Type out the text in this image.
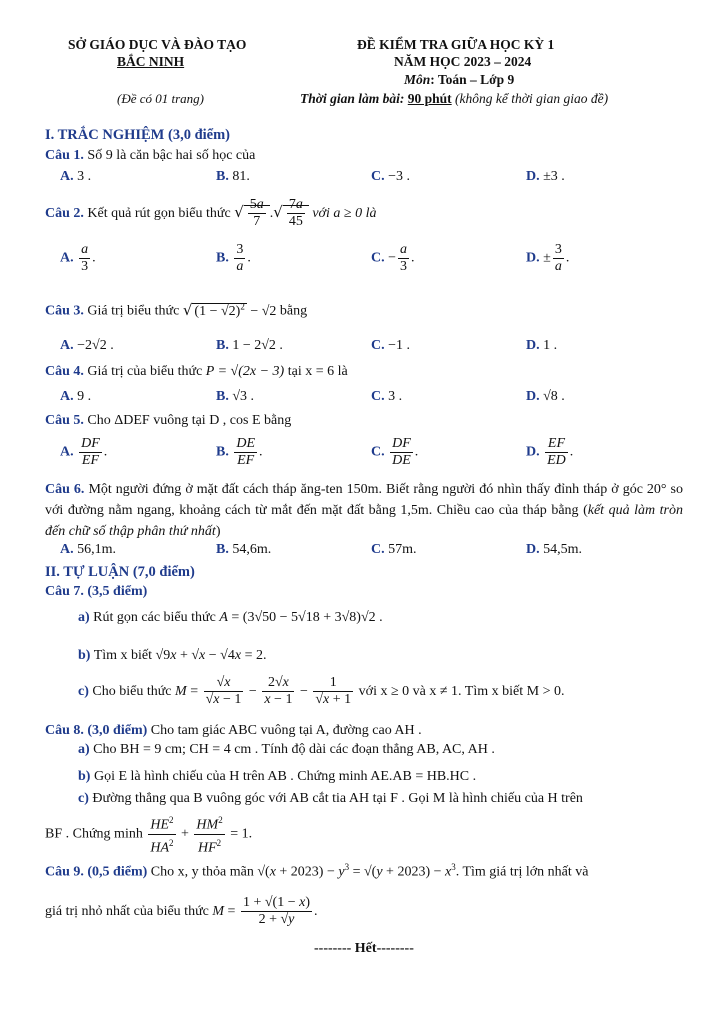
SỞ GIÁO DỤC VÀ ĐÀO TẠO
BẮC NINH
(Đề có 01 trang)
ĐỀ KIỂM TRA GIỮA HỌC KỲ 1
NĂM HỌC 2023 – 2024
Môn: Toán – Lớp 9
Thời gian làm bài: 90 phút (không kể thời gian giao đề)
I. TRẮC NGHIỆM (3,0 điểm)
Câu 1. Số 9 là căn bậc hai số học của
A. 3 .	B. 81.	C. −3 .	D. ±3 .
Câu 2. Kết quả rút gọn biểu thức √ $\frac{5a}{7}$ .√ $\frac{7a}{45}$ với a ≥ 0 là
A. $\frac{a}{3}$ .	B. $\frac{3}{a}$ .	C. − $\frac{a}{3}$ .	D. ± $\frac{3}{a}$ .
Câu 3. Giá trị biểu thức √ $(1 - √2)^2 - √2$ bằng
A. −2√2 .	B. 1 − 2√2 .	C. −1 .	D. 1 .
Câu 4. Giá trị của biểu thức P = √(2x − 3) tại x = 6 là
A. 9 .	B. √3 .	C. 3 .	D. √8 .
Câu 5. Cho ΔDEF vuông tại D , cos E bằng
A. $\frac{DF}{EF}$ .	B. $\frac{DE}{EF}$ .	C. $\frac{DF}{DE}$ .	D. $\frac{EF}{ED}$ .
Câu 6. Một người đứng ở mặt đất cách tháp ăng-ten 150m. Biết rằng người đó nhìn thấy đỉnh tháp ở góc 20° so với đường nằm ngang, khoảng cách từ mắt đến mặt đất bằng 1,5m. Chiều cao của tháp bằng (kết quả làm tròn đến chữ số thập phân thứ nhất)
A. 56,1m.	B. 54,6m.	C. 57m.	D. 54,5m.
II. TỰ LUẬN (7,0 điểm)
Câu 7. (3,5 điểm)
a) Rút gọn các biểu thức A = (3√50 − 5√18 + 3√8)√2 .
b) Tìm x biết √9x + √x − √4x = 2.
c) Cho biểu thức $M = \frac{√x}{√x - 1} - \frac{2√x}{x - 1} - \frac{1}{√x + 1}$ với x ≥ 0 và x ≠ 1. Tìm x biết M > 0.
Câu 8. (3,0 điểm) Cho tam giác ABC vuông tại A, đường cao AH .
a) Cho BH = 9 cm; CH = 4 cm . Tính độ dài các đoạn thẳng AB, AC, AH .
b) Gọi E là hình chiếu của H trên AB . Chứng minh AE.AB = HB.HC .
c) Đường thẳng qua B vuông góc với AB cắt tia AH tại F . Gọi M là hình chiếu của H trên
BF . Chứng minh $\frac{HE^2}{HA^2} + \frac{HM^2}{HF^2} = 1$.
Câu 9. (0,5 điểm) Cho x, y thỏa mãn $√(x + 2023) - y^3 = √(y + 2023) - x^3$. Tìm giá trị lớn nhất và
giá trị nhỏ nhất của biểu thức $M = \frac{1 + √(1 - x)}{2 + √y}$ .
-------- Hết--------
